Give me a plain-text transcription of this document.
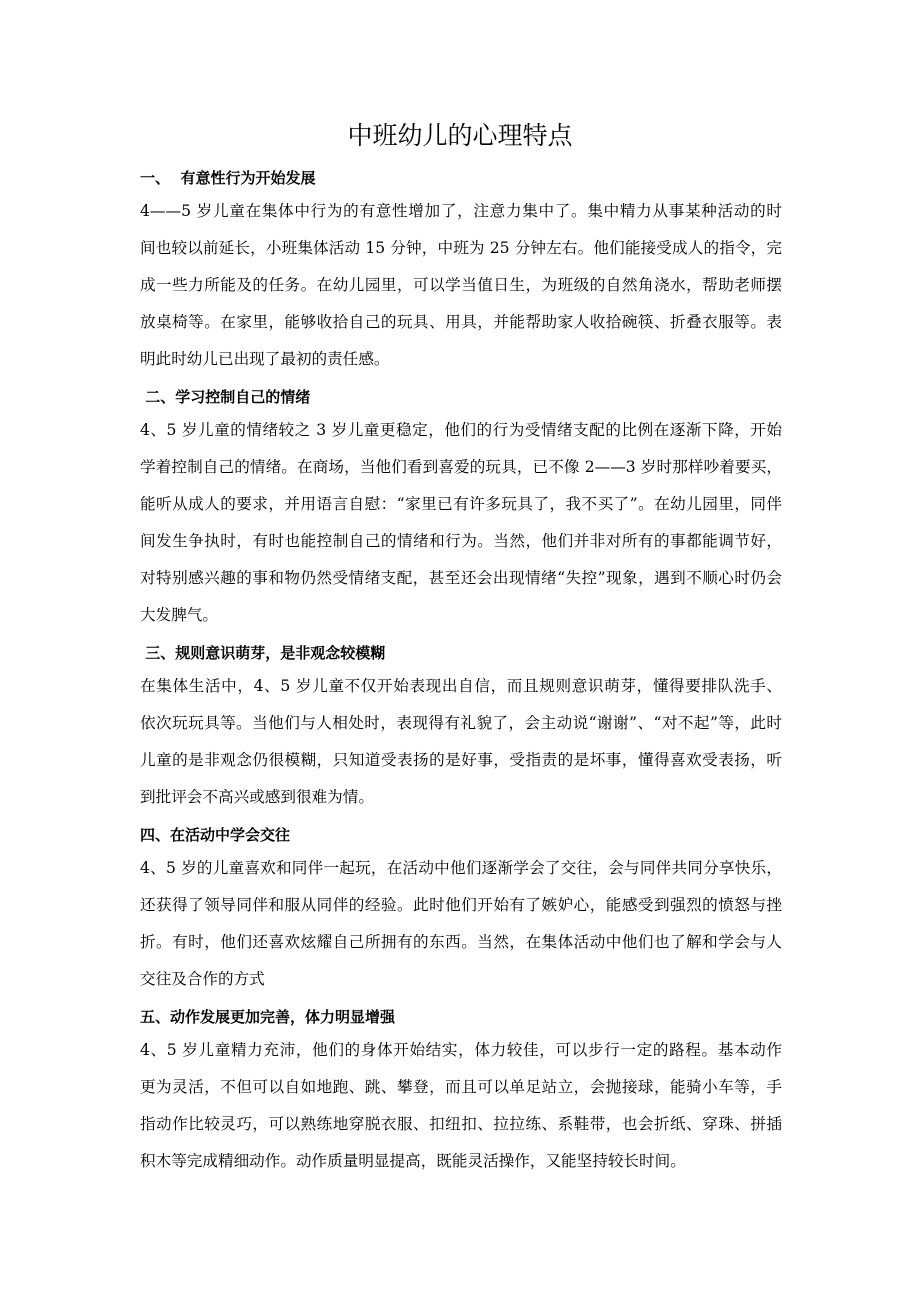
中班幼儿的心理特点
一、  有意性行为开始发展
4——5 岁儿童在集体中行为的有意性增加了，注意力集中了。集中精力从事某种活动的时
间也较以前延长，小班集体活动 15 分钟，中班为 25 分钟左右。他们能接受成人的指令，完
成一些力所能及的任务。在幼儿园里，可以学当值日生，为班级的自然角浇水，帮助老师摆
放桌椅等。在家里，能够收拾自己的玩具、用具，并能帮助家人收拾碗筷、折叠衣服等。表
明此时幼儿已出现了最初的责任感。
二、学习控制自己的情绪
4、5 岁儿童的情绪较之 3 岁儿童更稳定，他们的行为受情绪支配的比例在逐渐下降，开始
学着控制自己的情绪。在商场，当他们看到喜爱的玩具，已不像 2——3 岁时那样吵着要买，
能听从成人的要求，并用语言自慰：“家里已有许多玩具了，我不买了”。在幼儿园里，同伴
间发生争执时，有时也能控制自己的情绪和行为。当然，他们并非对所有的事都能调节好，
对特别感兴趣的事和物仍然受情绪支配，甚至还会出现情绪“失控”现象，遇到不顺心时仍会
大发脾气。
三、规则意识萌芽，是非观念较模糊
在集体生活中，4、5 岁儿童不仅开始表现出自信，而且规则意识萌芽，懂得要排队洗手、
依次玩玩具等。当他们与人相处时，表现得有礼貌了，会主动说“谢谢”、“对不起”等，此时
儿童的是非观念仍很模糊，只知道受表扬的是好事，受指责的是坏事，懂得喜欢受表扬，听
到批评会不高兴或感到很难为情。
四、在活动中学会交往
4、5 岁的儿童喜欢和同伴一起玩，在活动中他们逐渐学会了交往，会与同伴共同分享快乐，
还获得了领导同伴和服从同伴的经验。此时他们开始有了嫉妒心，能感受到强烈的愤怒与挫
折。有时，他们还喜欢炫耀自己所拥有的东西。当然，在集体活动中他们也了解和学会与人
交往及合作的方式
五、动作发展更加完善，体力明显增强
4、5 岁儿童精力充沛，他们的身体开始结实，体力较佳，可以步行一定的路程。基本动作
更为灵活，不但可以自如地跑、跳、攀登，而且可以单足站立，会抛接球，能骑小车等，手
指动作比较灵巧，可以熟练地穿脱衣服、扣纽扣、拉拉练、系鞋带，也会折纸、穿珠、拼插
积木等完成精细动作。动作质量明显提高，既能灵活操作，又能坚持较长时间。
